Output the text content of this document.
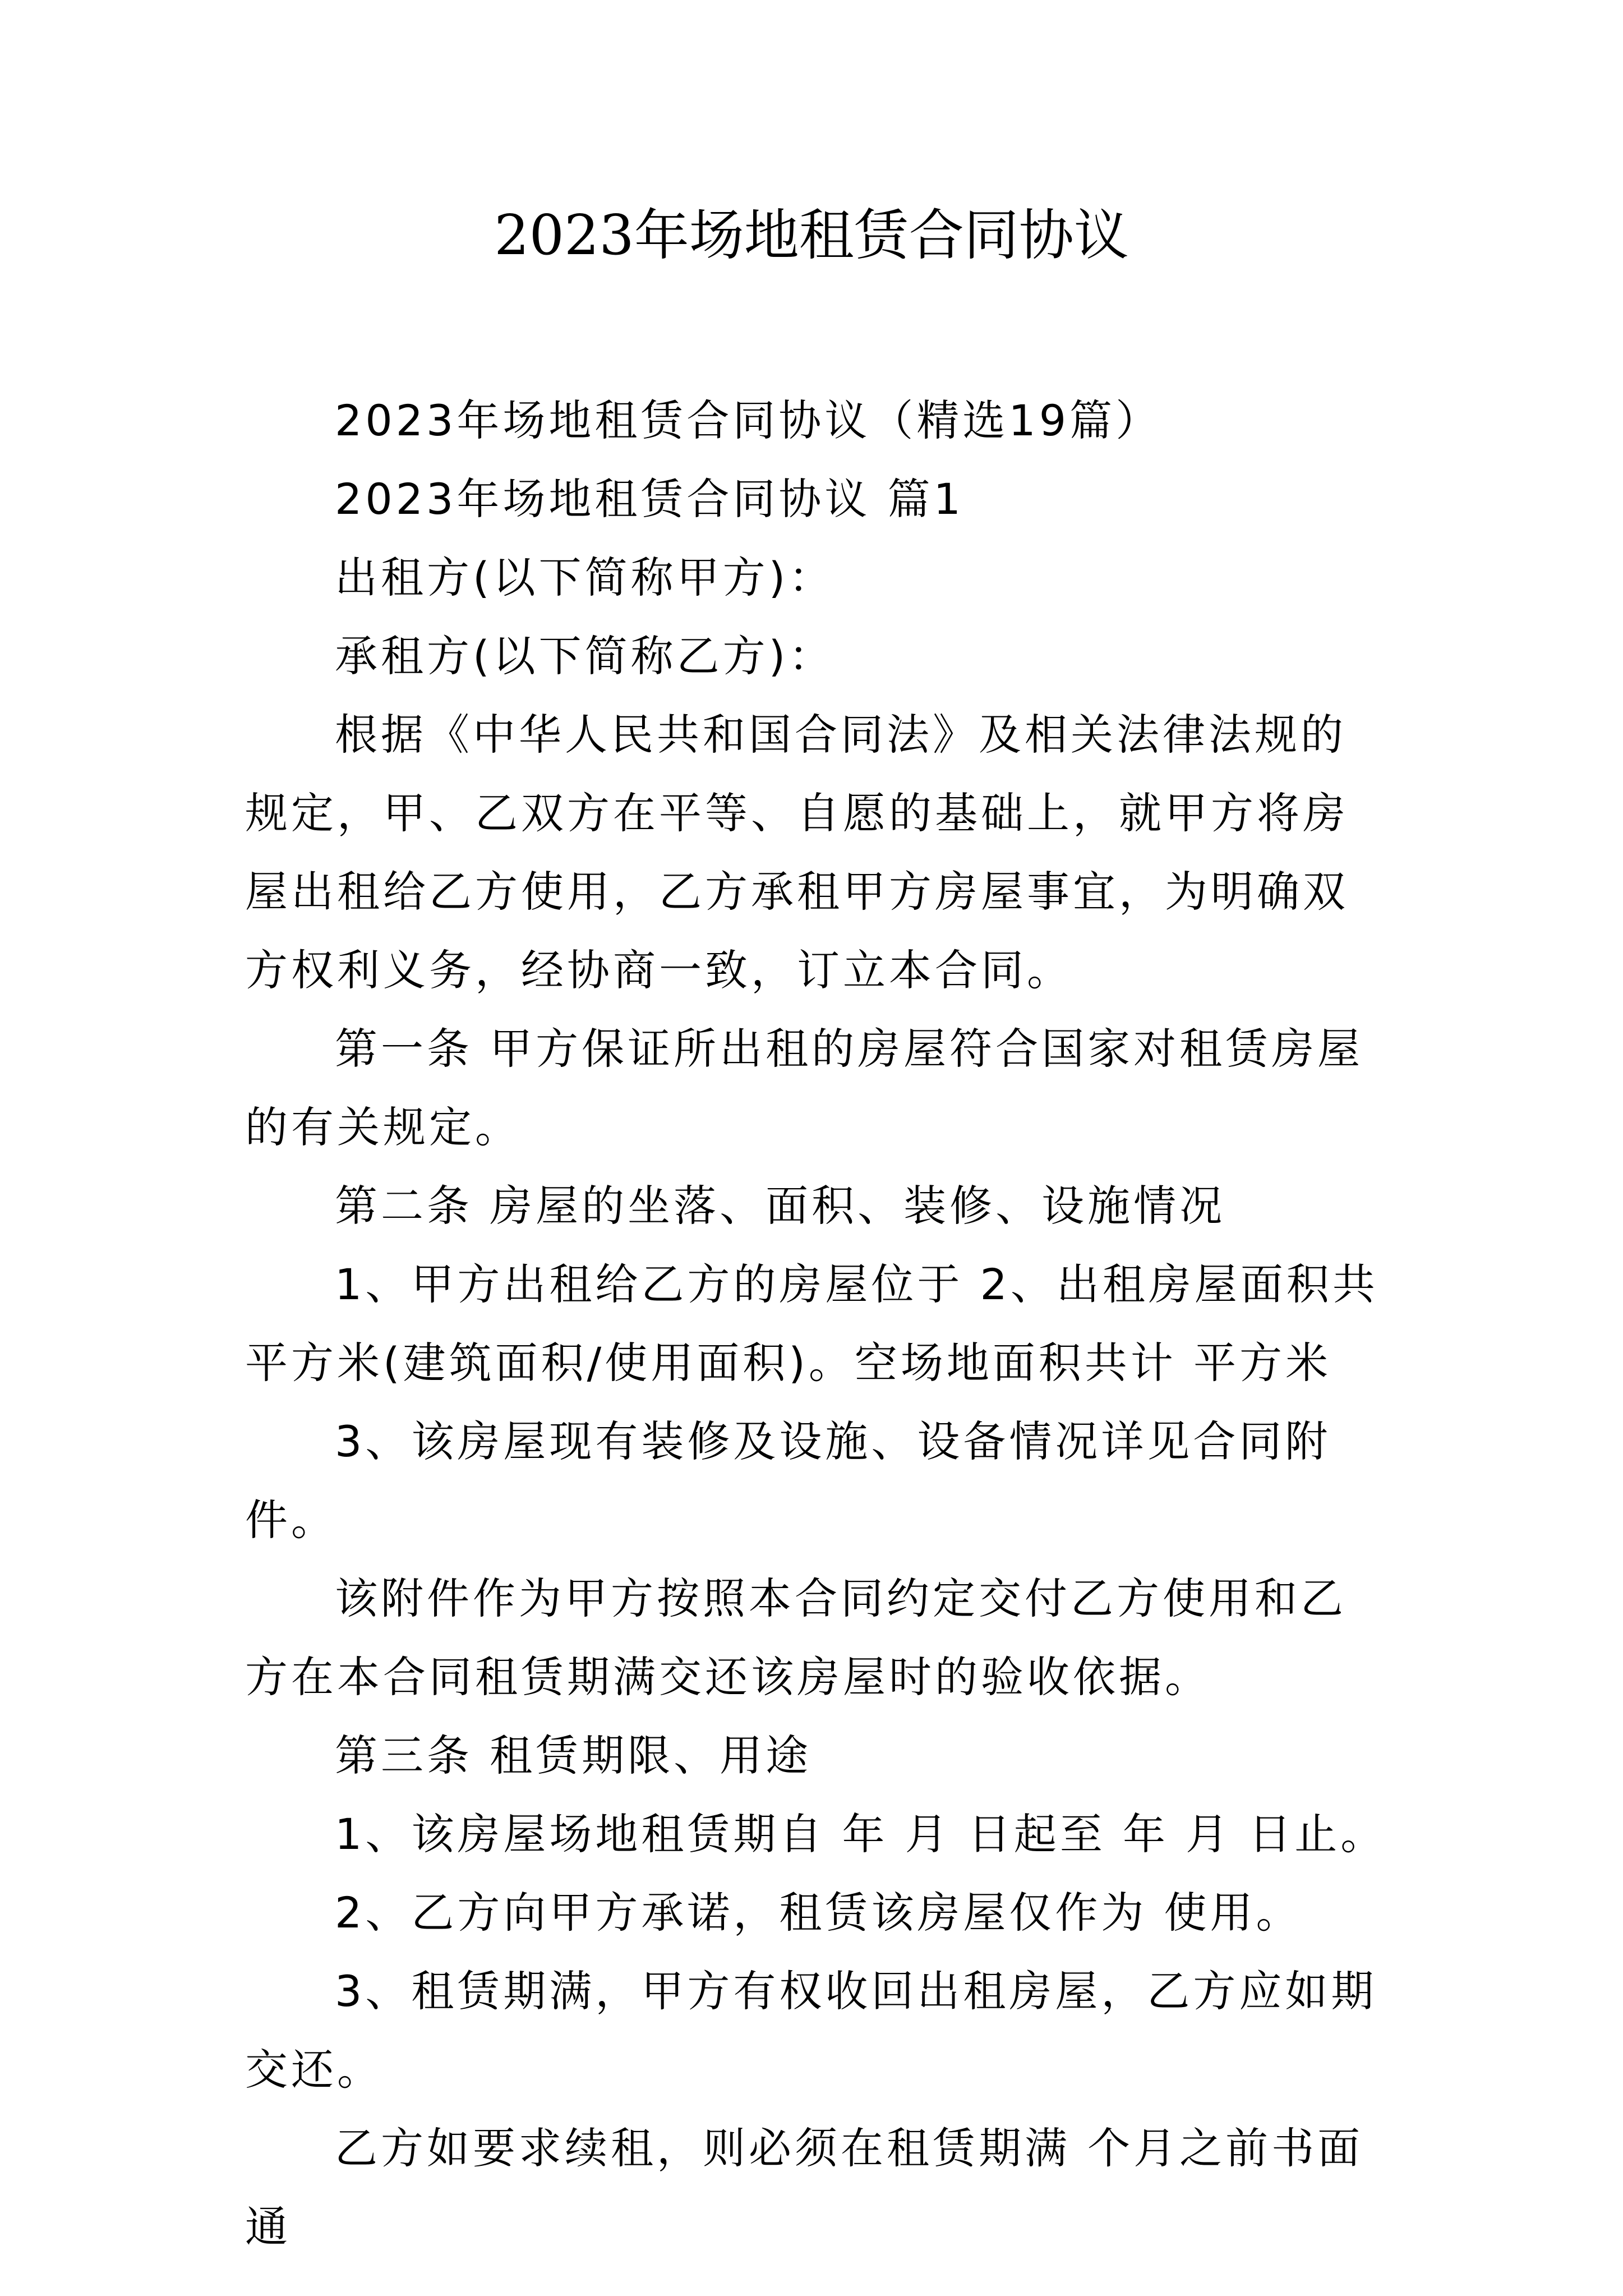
2023年场地租赁合同协议

2023年场地租赁合同协议（精选19篇）

2023年场地租赁合同协议 篇1

出租方(以下简称甲方)：

承租方(以下简称乙方)：

根据《中华人民共和国合同法》及相关法律法规的规定，甲、乙双方在平等、自愿的基础上，就甲方将房屋出租给乙方使用，乙方承租甲方房屋事宜，为明确双方权利义务，经协商一致，订立本合同。

第一条 甲方保证所出租的房屋符合国家对租赁房屋的有关规定。

第二条 房屋的坐落、面积、装修、设施情况

1、甲方出租给乙方的房屋位于 2、出租房屋面积共 平方米(建筑面积/使用面积)。空场地面积共计 平方米

3、该房屋现有装修及设施、设备情况详见合同附件。

该附件作为甲方按照本合同约定交付乙方使用和乙方在本合同租赁期满交还该房屋时的验收依据。

第三条 租赁期限、用途

1、该房屋场地租赁期自 年 月 日起至 年 月 日止。

2、乙方向甲方承诺，租赁该房屋仅作为 使用。

3、租赁期满，甲方有权收回出租房屋，乙方应如期交还。

乙方如要求续租，则必须在租赁期满 个月之前书面通
